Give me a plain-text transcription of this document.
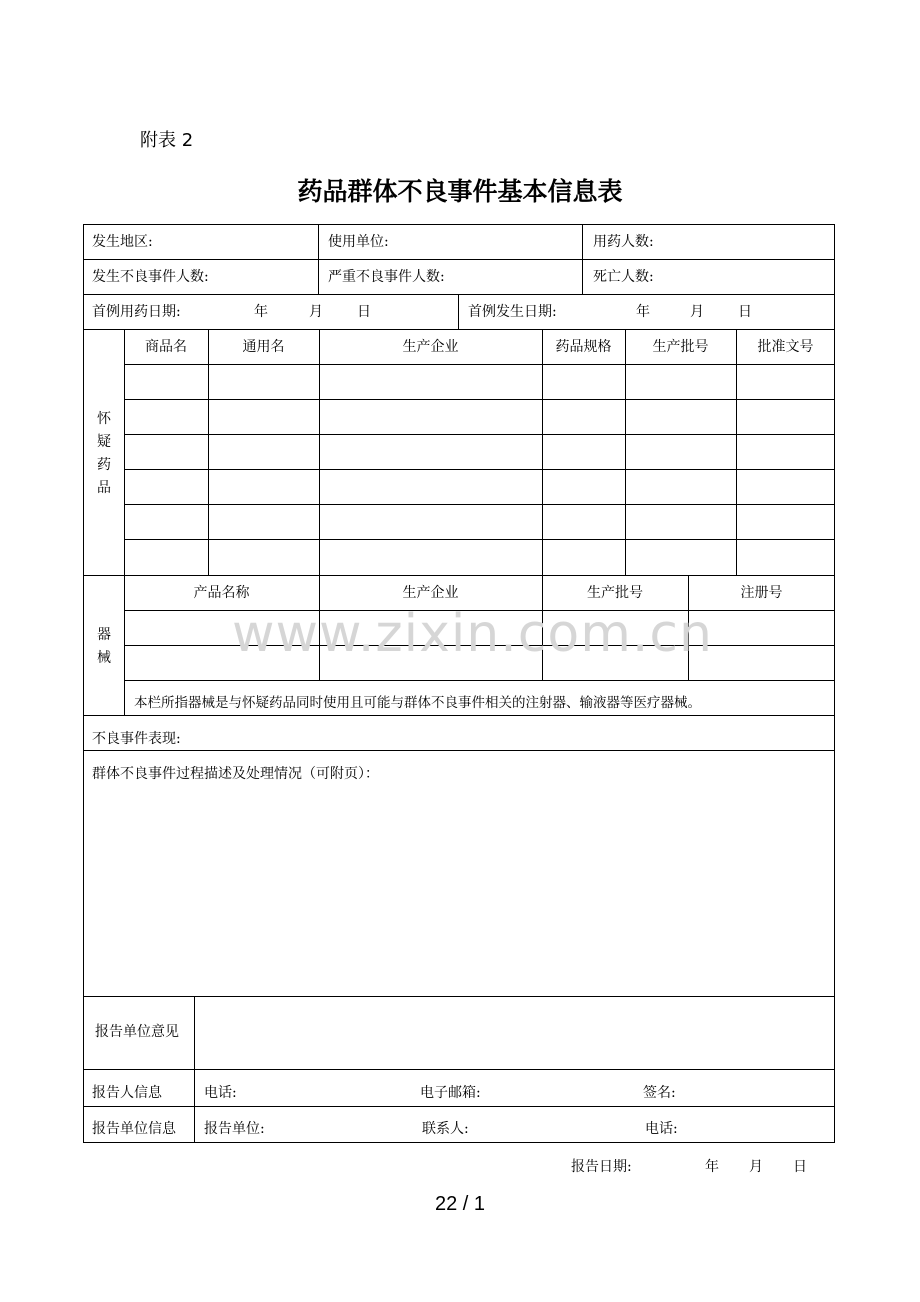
附表 2
药品群体不良事件基本信息表
发生地区:	使用单位:	用药人数:
发生不良事件人数:	严重不良事件人数:	死亡人数:
首例用药日期:	年	月 日	首例发生日期:	年	月 日
怀
疑
药
品
商品名	通用名	生产企业	药品规格	生产批号	批准文号
器
械
产品名称	生产企业	生产批号	注册号
本栏所指器械是与怀疑药品同时使用且可能与群体不良事件相关的注射器、输液器等医疗器械。
不良事件表现:
群体不良事件过程描述及处理情况（可附页）：
报告单位意见
报告人信息	电话:	电子邮箱:	签名:
报告单位信息 报告单位:	联系人:	电话:
www.zixin.com.cn
报告日期:	年 月 日
22 / 1
